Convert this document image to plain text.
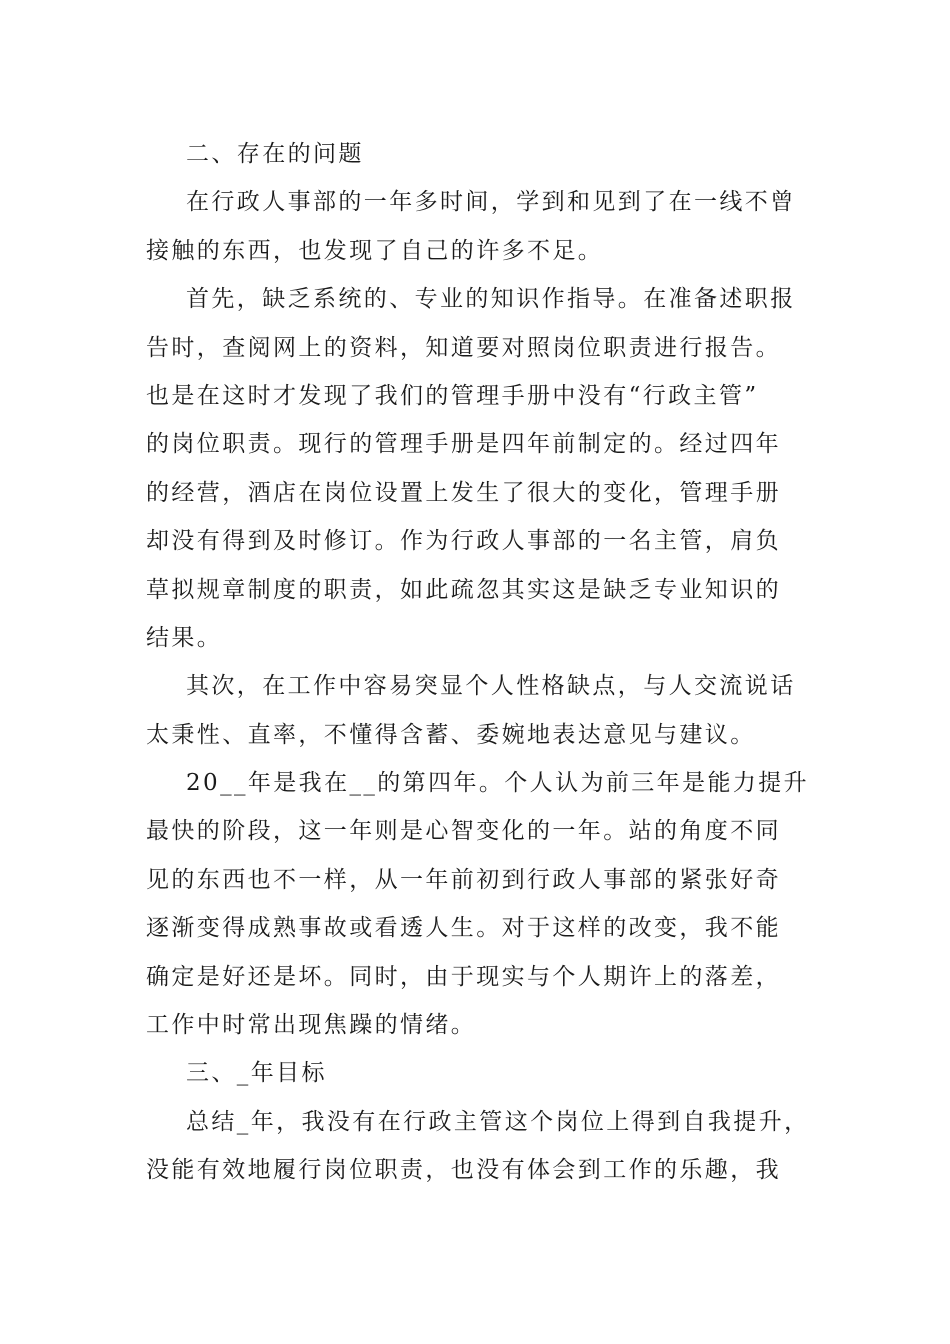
二、存在的问题
在行政人事部的一年多时间，学到和见到了在一线不曾
接触的东西，也发现了自己的许多不足。
首先，缺乏系统的、专业的知识作指导。在准备述职报
告时，查阅网上的资料，知道要对照岗位职责进行报告。
也是在这时才发现了我们的管理手册中没有“行政主管”
的岗位职责。现行的管理手册是四年前制定的。经过四年
的经营，酒店在岗位设置上发生了很大的变化，管理手册
却没有得到及时修订。作为行政人事部的一名主管，肩负
草拟规章制度的职责，如此疏忽其实这是缺乏专业知识的
结果。
其次，在工作中容易突显个人性格缺点，与人交流说话
太秉性、直率，不懂得含蓄、委婉地表达意见与建议。
20__年是我在__的第四年。个人认为前三年是能力提升
最快的阶段，这一年则是心智变化的一年。站的角度不同
见的东西也不一样，从一年前初到行政人事部的紧张好奇
逐渐变得成熟事故或看透人生。对于这样的改变，我不能
确定是好还是坏。同时，由于现实与个人期许上的落差，
工作中时常出现焦躁的情绪。
三、_年目标
总结_年，我没有在行政主管这个岗位上得到自我提升，
没能有效地履行岗位职责，也没有体会到工作的乐趣，我
